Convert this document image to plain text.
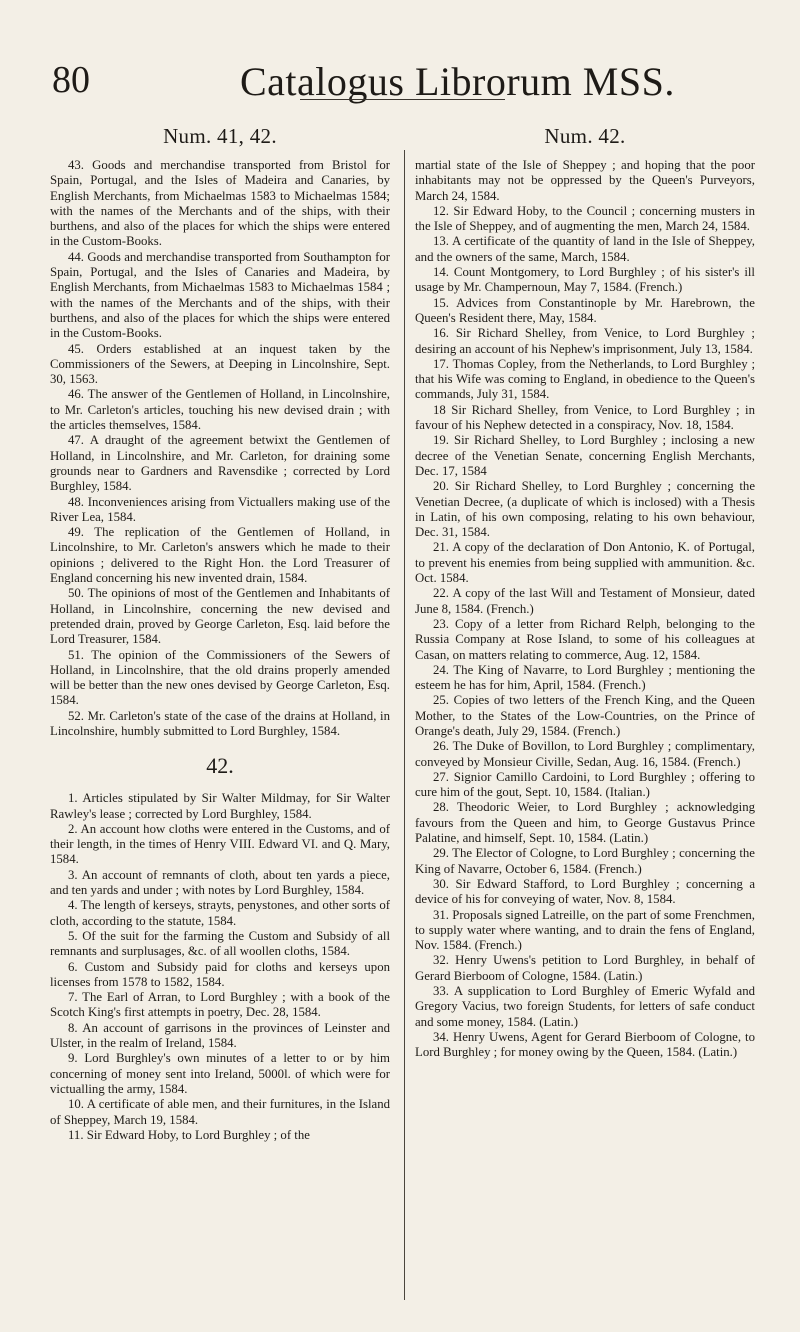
80	Catalogus Librorum MSS.
Num. 41, 42.

43. Goods and merchandise transported from Bristol for Spain, Portugal, and the Isles of Madeira and Canaries, by English Merchants, from Michaelmas 1583 to Michaelmas 1584; with the names of the Merchants and of the ships, with their burthens, and also of the places for which the ships were entered in the Custom-Books.

44. Goods and merchandise transported from Southampton for Spain, Portugal, and the Isles of Canaries and Madeira, by English Merchants, from Michaelmas 1583 to Michaelmas 1584 ; with the names of the Merchants and of the ships, with their burthens, and also of the places for which the ships were entered in the Custom-Books.

45. Orders established at an inquest taken by the Commissioners of the Sewers, at Deeping in Lincolnshire, Sept. 30, 1563.

46. The answer of the Gentlemen of Holland, in Lincolnshire, to Mr. Carleton's articles, touching his new devised drain ; with the articles themselves, 1584.

47. A draught of the agreement betwixt the Gentlemen of Holland, in Lincolnshire, and Mr. Carleton, for draining some grounds near to Gardners and Ravensdike ; corrected by Lord Burghley, 1584.

48. Inconveniences arising from Victuallers making use of the River Lea, 1584.

49. The replication of the Gentlemen of Holland, in Lincolnshire, to Mr. Carleton's answers which he made to their opinions ; delivered to the Right Hon. the Lord Treasurer of England concerning his new invented drain, 1584.

50. The opinions of most of the Gentlemen and Inhabitants of Holland, in Lincolnshire, concerning the new devised and pretended drain, proved by George Carleton, Esq. laid before the Lord Treasurer, 1584.

51. The opinion of the Commissioners of the Sewers of Holland, in Lincolnshire, that the old drains properly amended will be better than the new ones devised by George Carleton, Esq. 1584.

52. Mr. Carleton's state of the case of the drains at Holland, in Lincolnshire, humbly submitted to Lord Burghley, 1584.

42.

1. Articles stipulated by Sir Walter Mildmay, for Sir Walter Rawley's lease ; corrected by Lord Burghley, 1584.

2. An account how cloths were entered in the Customs, and of their length, in the times of Henry VIII. Edward VI. and Q. Mary, 1584.

3. An account of remnants of cloth, about ten yards a piece, and ten yards and under ; with notes by Lord Burghley, 1584.

4. The length of kerseys, strayts, penystones, and other sorts of cloth, according to the statute, 1584.

5. Of the suit for the farming the Custom and Subsidy of all remnants and surplusages, &c. of all woollen cloths, 1584.

6. Custom and Subsidy paid for cloths and kerseys upon licenses from 1578 to 1582, 1584.

7. The Earl of Arran, to Lord Burghley ; with a book of the Scotch King's first attempts in poetry, Dec. 28, 1584.

8. An account of garrisons in the provinces of Leinster and Ulster, in the realm of Ireland, 1584.

9. Lord Burghley's own minutes of a letter to or by him concerning of money sent into Ireland, 5000l. of which were for victualling the army, 1584.

10. A certificate of able men, and their furnitures, in the Island of Sheppey, March 19, 1584.

11. Sir Edward Hoby, to Lord Burghley ; of the

Num. 42.

martial state of the Isle of Sheppey ; and hoping that the poor inhabitants may not be oppressed by the Queen's Purveyors, March 24, 1584.

12. Sir Edward Hoby, to the Council ; concerning musters in the Isle of Sheppey, and of augmenting the men, March 24, 1584.

13. A certificate of the quantity of land in the Isle of Sheppey, and the owners of the same, March, 1584.

14. Count Montgomery, to Lord Burghley ; of his sister's ill usage by Mr. Champernoun, May 7, 1584. (French.)

15. Advices from Constantinople by Mr. Harebrown, the Queen's Resident there, May, 1584.

16. Sir Richard Shelley, from Venice, to Lord Burghley ; desiring an account of his Nephew's imprisonment, July 13, 1584.

17. Thomas Copley, from the Netherlands, to Lord Burghley ; that his Wife was coming to England, in obedience to the Queen's commands, July 31, 1584.

18 Sir Richard Shelley, from Venice, to Lord Burghley ; in favour of his Nephew detected in a conspiracy, Nov. 18, 1584.

19. Sir Richard Shelley, to Lord Burghley ; inclosing a new decree of the Venetian Senate, concerning English Merchants, Dec. 17, 1584

20. Sir Richard Shelley, to Lord Burghley ; concerning the Venetian Decree, (a duplicate of which is inclosed) with a Thesis in Latin, of his own composing, relating to his own behaviour, Dec. 31, 1584.

21. A copy of the declaration of Don Antonio, K. of Portugal, to prevent his enemies from being supplied with ammunition. &c. Oct. 1584.

22. A copy of the last Will and Testament of Monsieur, dated June 8, 1584. (French.)

23. Copy of a letter from Richard Relph, belonging to the Russia Company at Rose Island, to some of his colleagues at Casan, on matters relating to commerce, Aug. 12, 1584.

24. The King of Navarre, to Lord Burghley ; mentioning the esteem he has for him, April, 1584. (French.)

25. Copies of two letters of the French King, and the Queen Mother, to the States of the Low-Countries, on the Prince of Orange's death, July 29, 1584. (French.)

26. The Duke of Bovillon, to Lord Burghley ; complimentary, conveyed by Monsieur Civille, Sedan, Aug. 16, 1584. (French.)

27. Signior Camillo Cardoini, to Lord Burghley ; offering to cure him of the gout, Sept. 10, 1584. (Italian.)

28. Theodoric Weier, to Lord Burghley ; acknowledging favours from the Queen and him, to George Gustavus Prince Palatine, and himself, Sept. 10, 1584. (Latin.)

29. The Elector of Cologne, to Lord Burghley ; concerning the King of Navarre, October 6, 1584. (French.)

30. Sir Edward Stafford, to Lord Burghley ; concerning a device of his for conveying of water, Nov. 8, 1584.

31. Proposals signed Latreille, on the part of some Frenchmen, to supply water where wanting, and to drain the fens of England, Nov. 1584. (French.)

32. Henry Uwens's petition to Lord Burghley, in behalf of Gerard Bierboom of Cologne, 1584. (Latin.)

33. A supplication to Lord Burghley of Emeric Wyfald and Gregory Vacius, two foreign Students, for letters of safe conduct and some money, 1584. (Latin.)

34. Henry Uwens, Agent for Gerard Bierboom of Cologne, to Lord Burghley ; for money owing by the Queen, 1584. (Latin.)
